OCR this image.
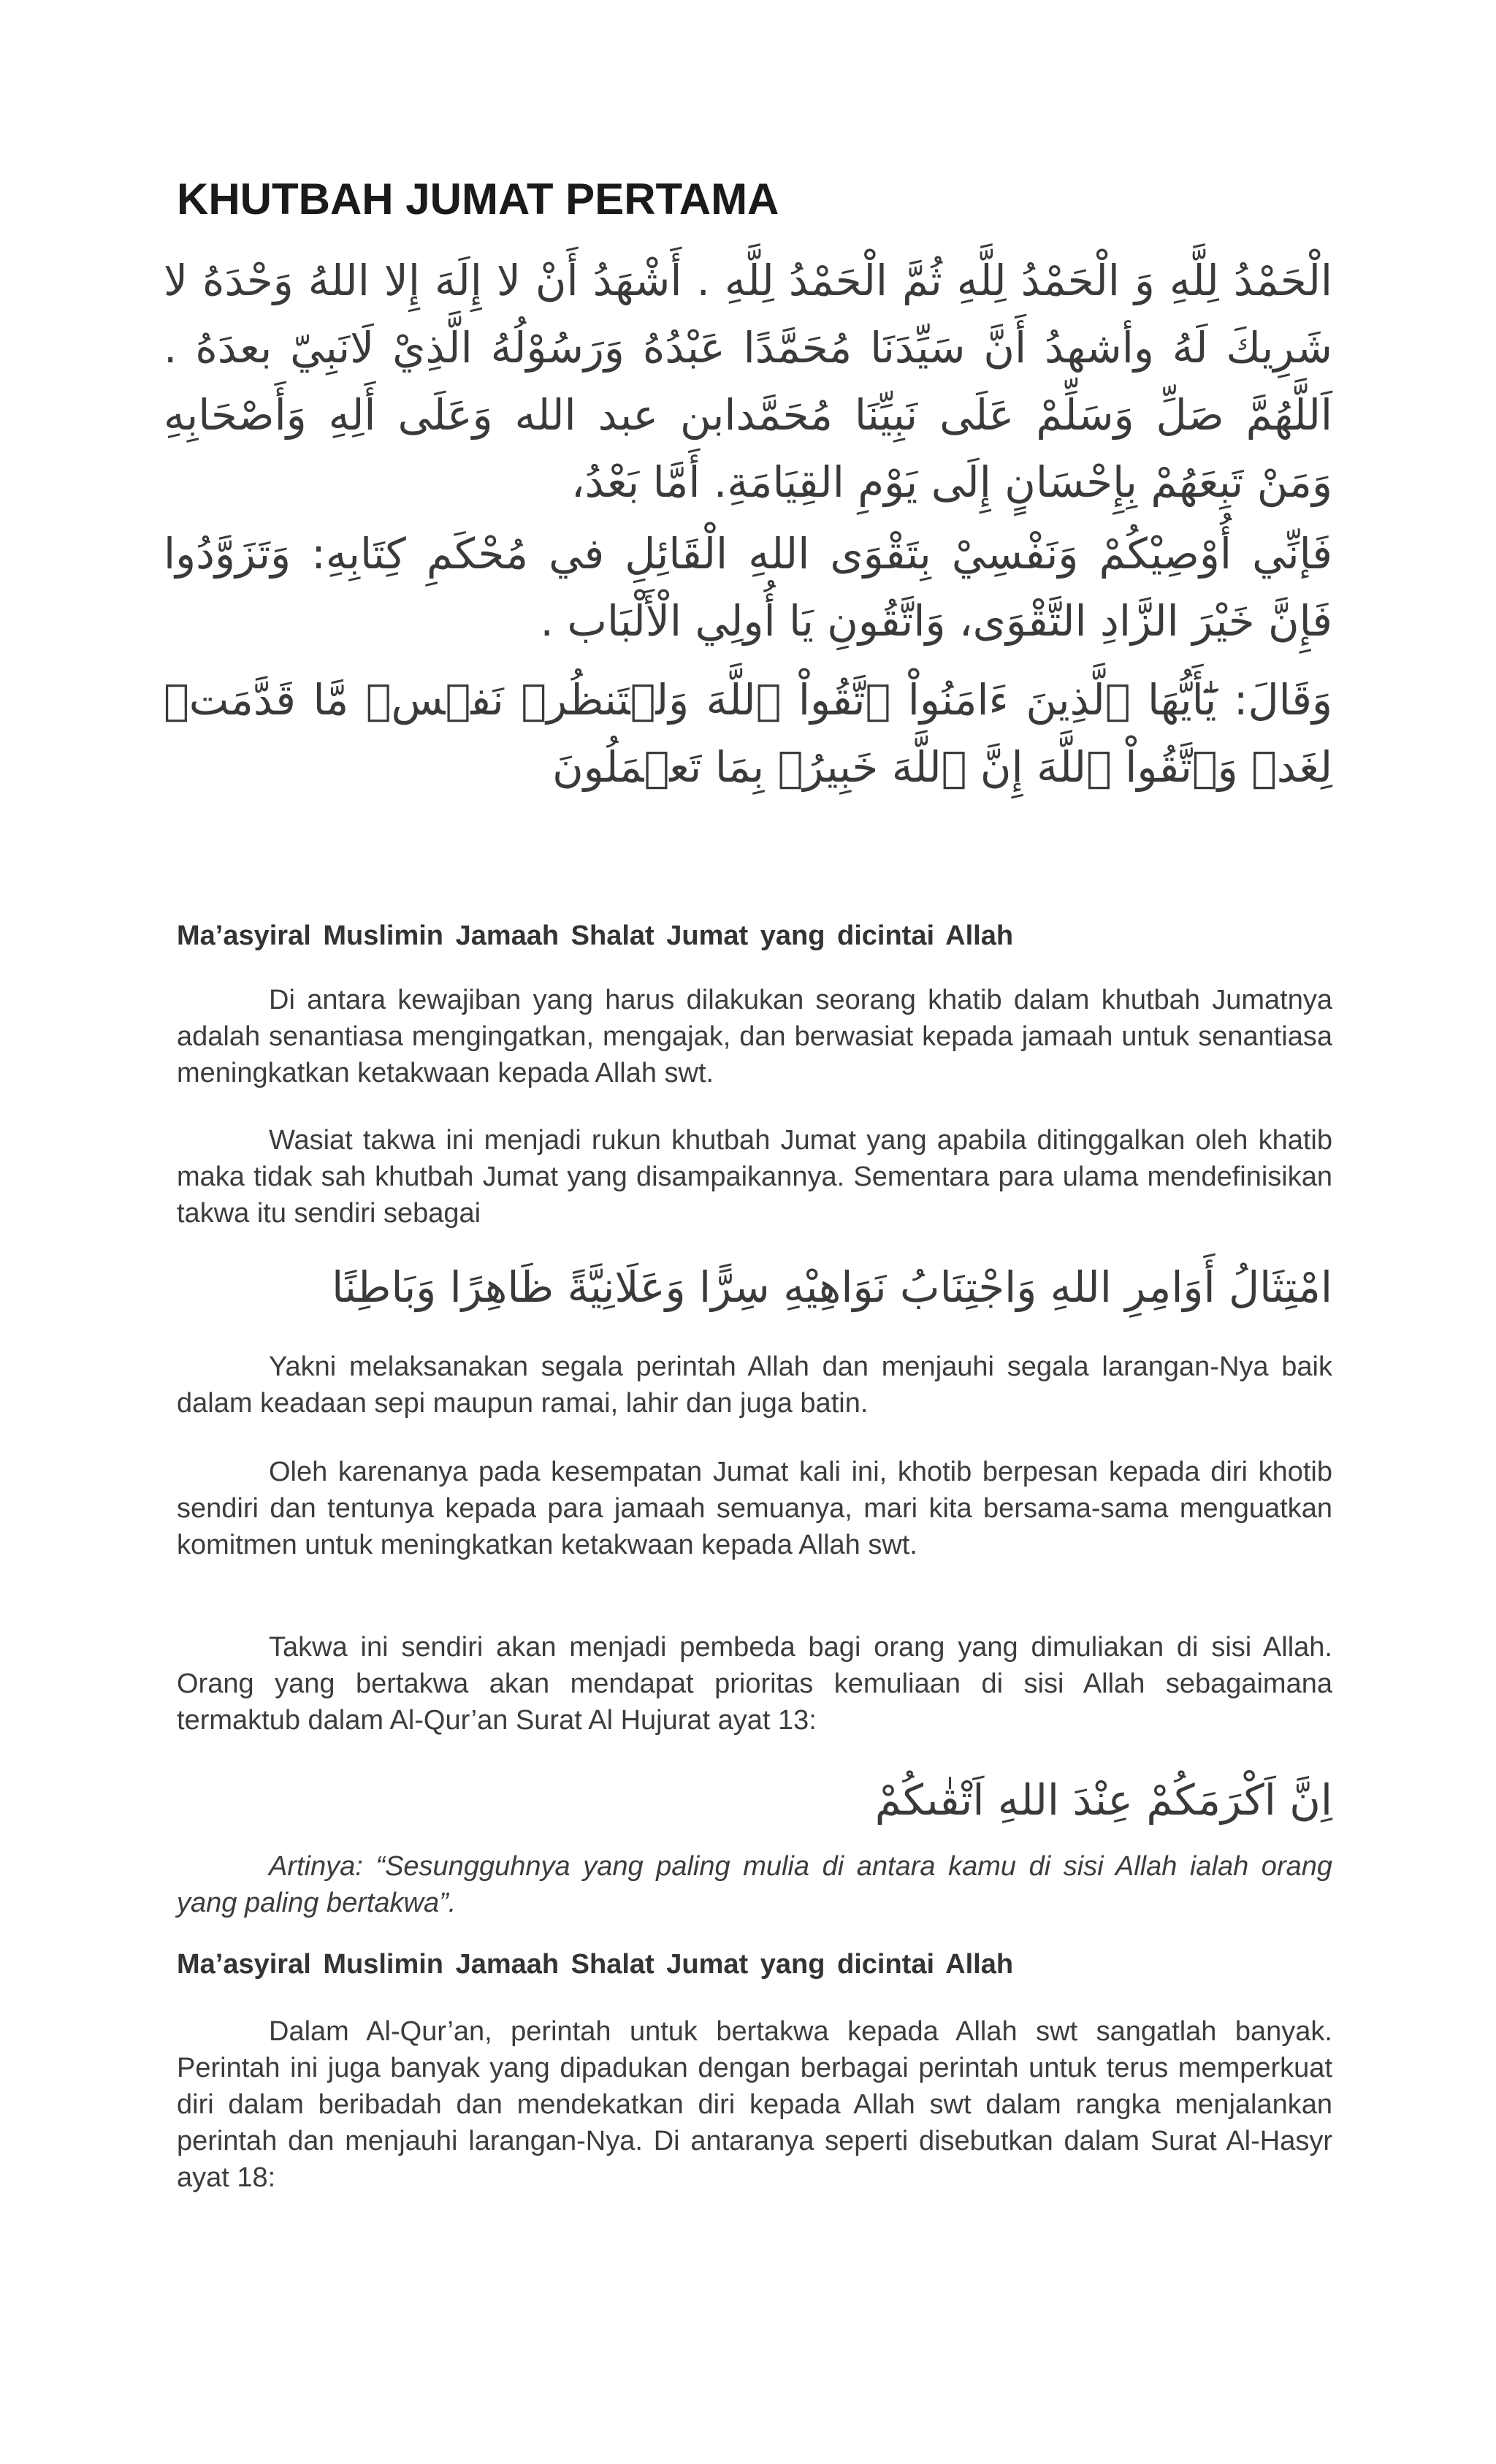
KHUTBAH JUMAT PERTAMA

الْحَمْدُ لِلَّهِ وَ الْحَمْدُ لِلَّهِ ثُمَّ الْحَمْدُ لِلَّهِ . أَشْهَدُ أَنْ لا إِلَهَ إِلا اللهُ وَحْدَهُ لا شَرِيكَ لَهُ وأشهدُ أَنَّ سَيِّدَنَا مُحَمَّدًا عَبْدُهُ وَرَسُوْلُهُ الَّذِيْ لَانَبِيّ بعدَهُ . اَللَّهُمَّ صَلِّ وَسَلِّمْ عَلَى نَبِيِّنَا مُحَمَّدابن عبد الله وَعَلَى أَلِهِ وَأَصْحَابِهِ وَمَنْ تَبِعَهُمْ بِإِحْسَانٍ إِلَى يَوْمِ القِيَامَةِ. أَمَّا بَعْدُ،

فَإنِّي أُوْصِيْكُمْ وَنَفْسِيْ بِتَقْوَى اللهِ الْقَائِلِ في مُحْكَمِ كِتَابِهِ: وَتَزَوَّدُوا فَإِنَّ خَيْرَ الزَّادِ التَّقْوَى، وَاتَّقُونِ يَا أُولِي الْأَلْبَاب .

وَقَالَ: يَٰٓأَيُّهَا ٱلَّذِينَ ءَامَنُواْ ٱتَّقُواْ ٱللَّهَ وَلۡتَنظُرۡ نَفۡسٞ مَّا قَدَّمَتۡ لِغَدٖ وَٱتَّقُواْ ٱللَّهَ إِنَّ ٱللَّهَ خَبِيرُۢ بِمَا تَعۡمَلُونَ

Ma’asyiral Muslimin Jamaah Shalat Jumat yang dicintai Allah

Di antara kewajiban yang harus dilakukan seorang khatib dalam khutbah Jumatnya adalah senantiasa mengingatkan, mengajak, dan berwasiat kepada jamaah untuk senantiasa meningkatkan ketakwaan kepada Allah swt.

Wasiat takwa ini menjadi rukun khutbah Jumat yang apabila ditinggalkan oleh khatib maka tidak sah khutbah Jumat yang disampaikannya. Sementara para ulama mendefinisikan takwa itu sendiri sebagai

امْتِثَالُ أَوَامِرِ اللهِ وَاجْتِنَابُ نَوَاهِيْهِ سِرًّا وَعَلَانِيَّةً ظَاهِرًا وَبَاطِنًا

Yakni melaksanakan segala perintah Allah dan menjauhi segala larangan-Nya baik dalam keadaan sepi maupun ramai, lahir dan juga batin.

Oleh karenanya pada kesempatan Jumat kali ini, khotib berpesan kepada diri khotib sendiri dan tentunya kepada para jamaah semuanya, mari kita bersama-sama menguatkan komitmen untuk meningkatkan ketakwaan kepada Allah swt.

Takwa ini sendiri akan menjadi pembeda bagi orang yang dimuliakan di sisi Allah. Orang yang bertakwa akan mendapat prioritas kemuliaan di sisi Allah sebagaimana termaktub dalam Al-Qur’an Surat Al Hujurat ayat 13:

اِنَّ اَكْرَمَكُمْ عِنْدَ اللهِ اَتْقٰىكُمْ

Artinya: “Sesungguhnya yang paling mulia di antara kamu di sisi Allah ialah orang yang paling bertakwa”.

Ma’asyiral Muslimin Jamaah Shalat Jumat yang dicintai Allah

Dalam Al-Qur’an, perintah untuk bertakwa kepada Allah swt sangatlah banyak. Perintah ini juga banyak yang dipadukan dengan berbagai perintah untuk terus memperkuat diri dalam beribadah dan mendekatkan diri kepada Allah swt dalam rangka menjalankan perintah dan menjauhi larangan-Nya. Di antaranya seperti disebutkan dalam Surat Al-Hasyr ayat 18:
